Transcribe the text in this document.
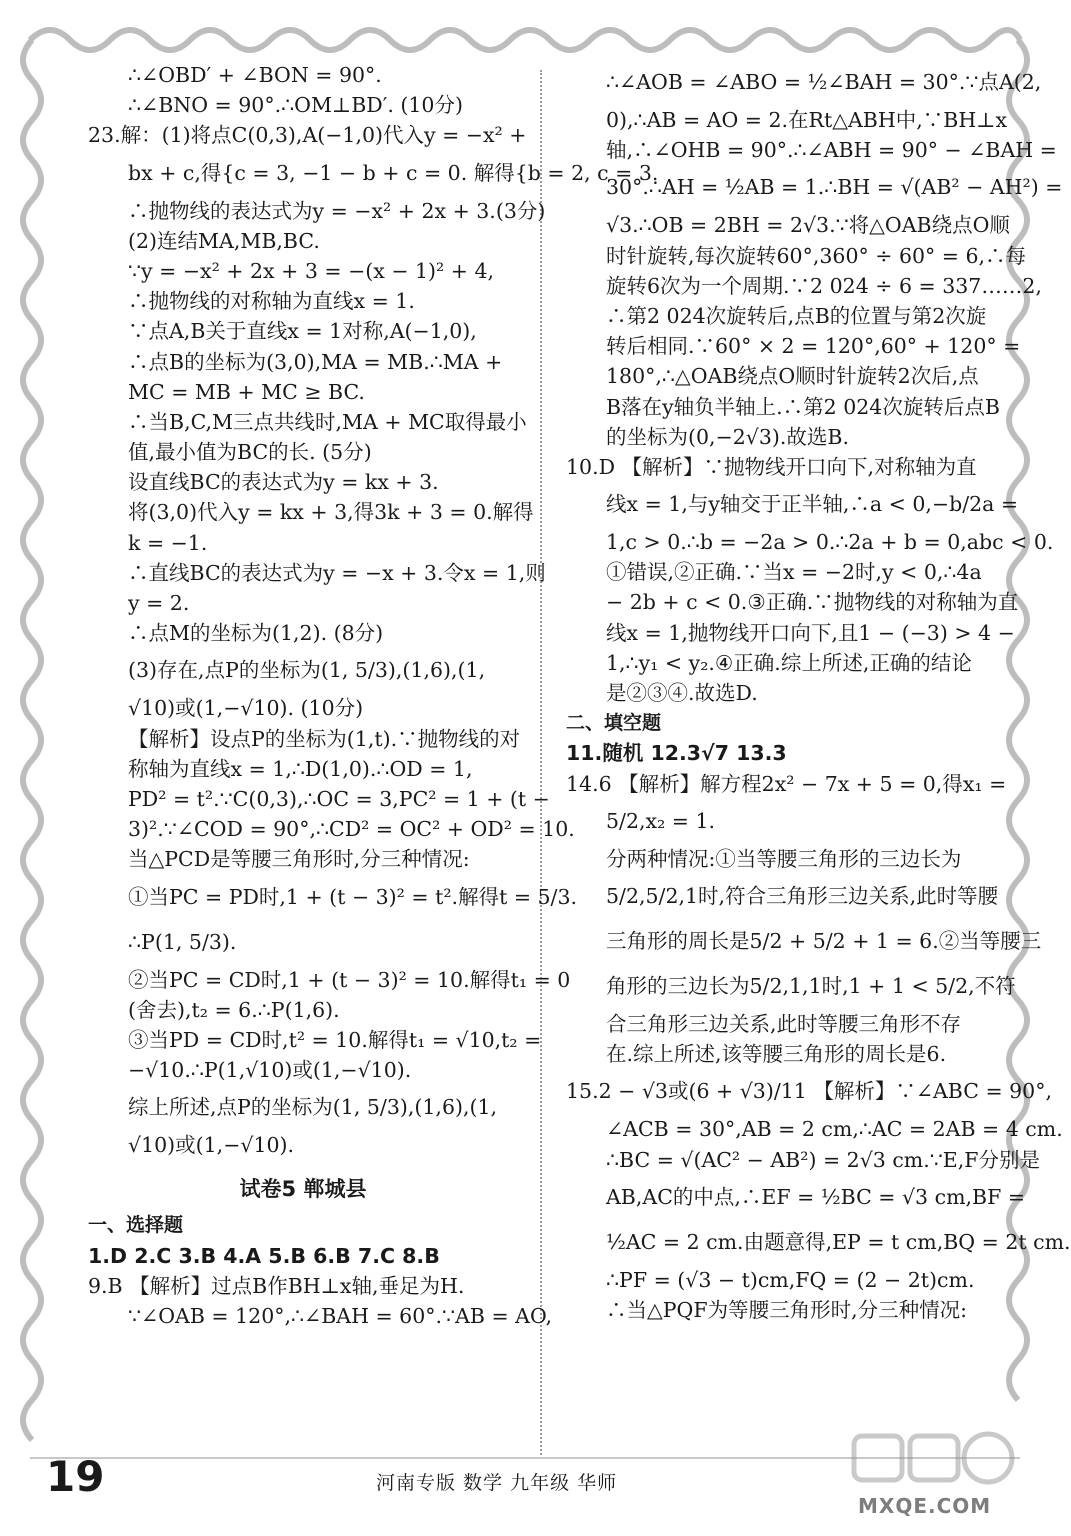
∴∠OBD′ + ∠BON = 90°.
∴∠BNO = 90°.∴OM⊥BD′. (10分)
23.解：(1)将点C(0,3),A(−1,0)代入y = −x² +
bx + c,得{c = 3, −1 − b + c = 0. 解得{b = 2, c = 3.
∴抛物线的表达式为y = −x² + 2x + 3.(3分)
(2)连结MA,MB,BC.
∵y = −x² + 2x + 3 = −(x − 1)² + 4,
∴抛物线的对称轴为直线x = 1.
∵点A,B关于直线x = 1对称,A(−1,0),
∴点B的坐标为(3,0),MA = MB.∴MA +
MC = MB + MC ≥ BC.
∴当B,C,M三点共线时,MA + MC取得最小
值,最小值为BC的长. (5分)
设直线BC的表达式为y = kx + 3.
将(3,0)代入y = kx + 3,得3k + 3 = 0.解得
k = −1.
∴直线BC的表达式为y = −x + 3.令x = 1,则
y = 2.
∴点M的坐标为(1,2). (8分)
(3)存在,点P的坐标为(1, 5/3),(1,6),(1,
√10)或(1,−√10). (10分)
【解析】设点P的坐标为(1,t).∵抛物线的对
称轴为直线x = 1,∴D(1,0).∴OD = 1,
PD² = t².∵C(0,3),∴OC = 3,PC² = 1 + (t −
3)².∵∠COD = 90°,∴CD² = OC² + OD² = 10.
当△PCD是等腰三角形时,分三种情况:
①当PC = PD时,1 + (t − 3)² = t².解得t = 5/3.
∴P(1, 5/3).
②当PC = CD时,1 + (t − 3)² = 10.解得t₁ = 0
(舍去),t₂ = 6.∴P(1,6).
③当PD = CD时,t² = 10.解得t₁ = √10,t₂ =
−√10.∴P(1,√10)或(1,−√10).
综上所述,点P的坐标为(1, 5/3),(1,6),(1,
√10)或(1,−√10).
试卷5 郸城县
一、选择题
1.D 2.C 3.B 4.A 5.B 6.B 7.C 8.B
9.B 【解析】过点B作BH⊥x轴,垂足为H.
∵∠OAB = 120°,∴∠BAH = 60°.∵AB = AO,
∴∠AOB = ∠ABO = ½∠BAH = 30°.∵点A(2,
0),∴AB = AO = 2.在Rt△ABH中,∵BH⊥x
轴,∴∠OHB = 90°.∴∠ABH = 90° − ∠BAH =
30°.∴AH = ½AB = 1.∴BH = √(AB² − AH²) =
√3.∴OB = 2BH = 2√3.∵将△OAB绕点O顺
时针旋转,每次旋转60°,360° ÷ 60° = 6,∴每
旋转6次为一个周期.∵2 024 ÷ 6 = 337……2,
∴第2 024次旋转后,点B的位置与第2次旋
转后相同.∵60° × 2 = 120°,60° + 120° =
180°,∴△OAB绕点O顺时针旋转2次后,点
B落在y轴负半轴上.∴第2 024次旋转后点B
的坐标为(0,−2√3).故选B.
10.D 【解析】∵抛物线开口向下,对称轴为直
线x = 1,与y轴交于正半轴,∴a < 0,−b/2a =
1,c > 0.∴b = −2a > 0.∴2a + b = 0,abc < 0.
①错误,②正确.∵当x = −2时,y < 0,∴4a
− 2b + c < 0.③正确.∵抛物线的对称轴为直
线x = 1,抛物线开口向下,且1 − (−3) > 4 −
1,∴y₁ < y₂.④正确.综上所述,正确的结论
是②③④.故选D.
二、填空题
11.随机 12.3√7 13.3
14.6 【解析】解方程2x² − 7x + 5 = 0,得x₁ =
5/2,x₂ = 1.
分两种情况:①当等腰三角形的三边长为
5/2,5/2,1时,符合三角形三边关系,此时等腰
三角形的周长是5/2 + 5/2 + 1 = 6.②当等腰三
角形的三边长为5/2,1,1时,1 + 1 < 5/2,不符
合三角形三边关系,此时等腰三角形不存
在.综上所述,该等腰三角形的周长是6.
15.2 − √3或(6 + √3)/11 【解析】∵∠ABC = 90°,
∠ACB = 30°,AB = 2 cm,∴AC = 2AB = 4 cm.
∴BC = √(AC² − AB²) = 2√3 cm.∵E,F分别是
AB,AC的中点,∴EF = ½BC = √3 cm,BF =
½AC = 2 cm.由题意得,EP = t cm,BQ = 2t cm.
∴PF = (√3 − t)cm,FQ = (2 − 2t)cm.
∴当△PQF为等腰三角形时,分三种情况:
19	河南专版 数学 九年级 华师
MXQE.COM
